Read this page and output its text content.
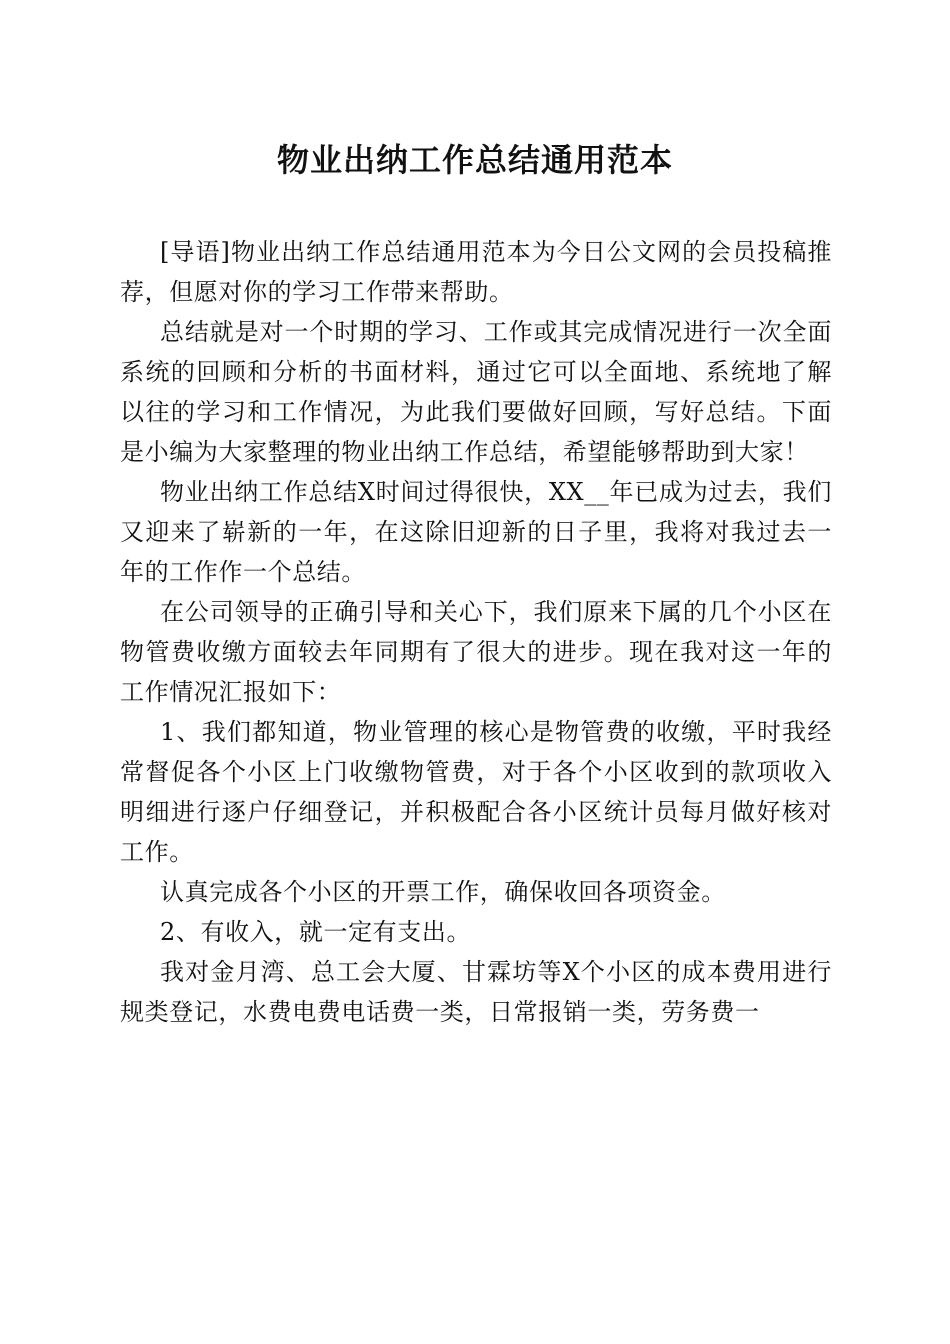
物业出纳工作总结通用范本

[导语]物业出纳工作总结通用范本为今日公文网的会员投稿推荐，但愿对你的学习工作带来帮助。

总结就是对一个时期的学习、工作或其完成情况进行一次全面系统的回顾和分析的书面材料，通过它可以全面地、系统地了解以往的学习和工作情况，为此我们要做好回顾，写好总结。下面是小编为大家整理的物业出纳工作总结，希望能够帮助到大家！

物业出纳工作总结X时间过得很快，XX__年已成为过去，我们又迎来了崭新的一年，在这除旧迎新的日子里，我将对我过去一年的工作作一个总结。

在公司领导的正确引导和关心下，我们原来下属的几个小区在物管费收缴方面较去年同期有了很大的进步。现在我对这一年的工作情况汇报如下：

1、我们都知道，物业管理的核心是物管费的收缴，平时我经常督促各个小区上门收缴物管费，对于各个小区收到的款项收入明细进行逐户仔细登记，并积极配合各小区统计员每月做好核对工作。

认真完成各个小区的开票工作，确保收回各项资金。

2、有收入，就一定有支出。

我对金月湾、总工会大厦、甘霖坊等X个小区的成本费用进行规类登记，水费电费电话费一类，日常报销一类，劳务费一
